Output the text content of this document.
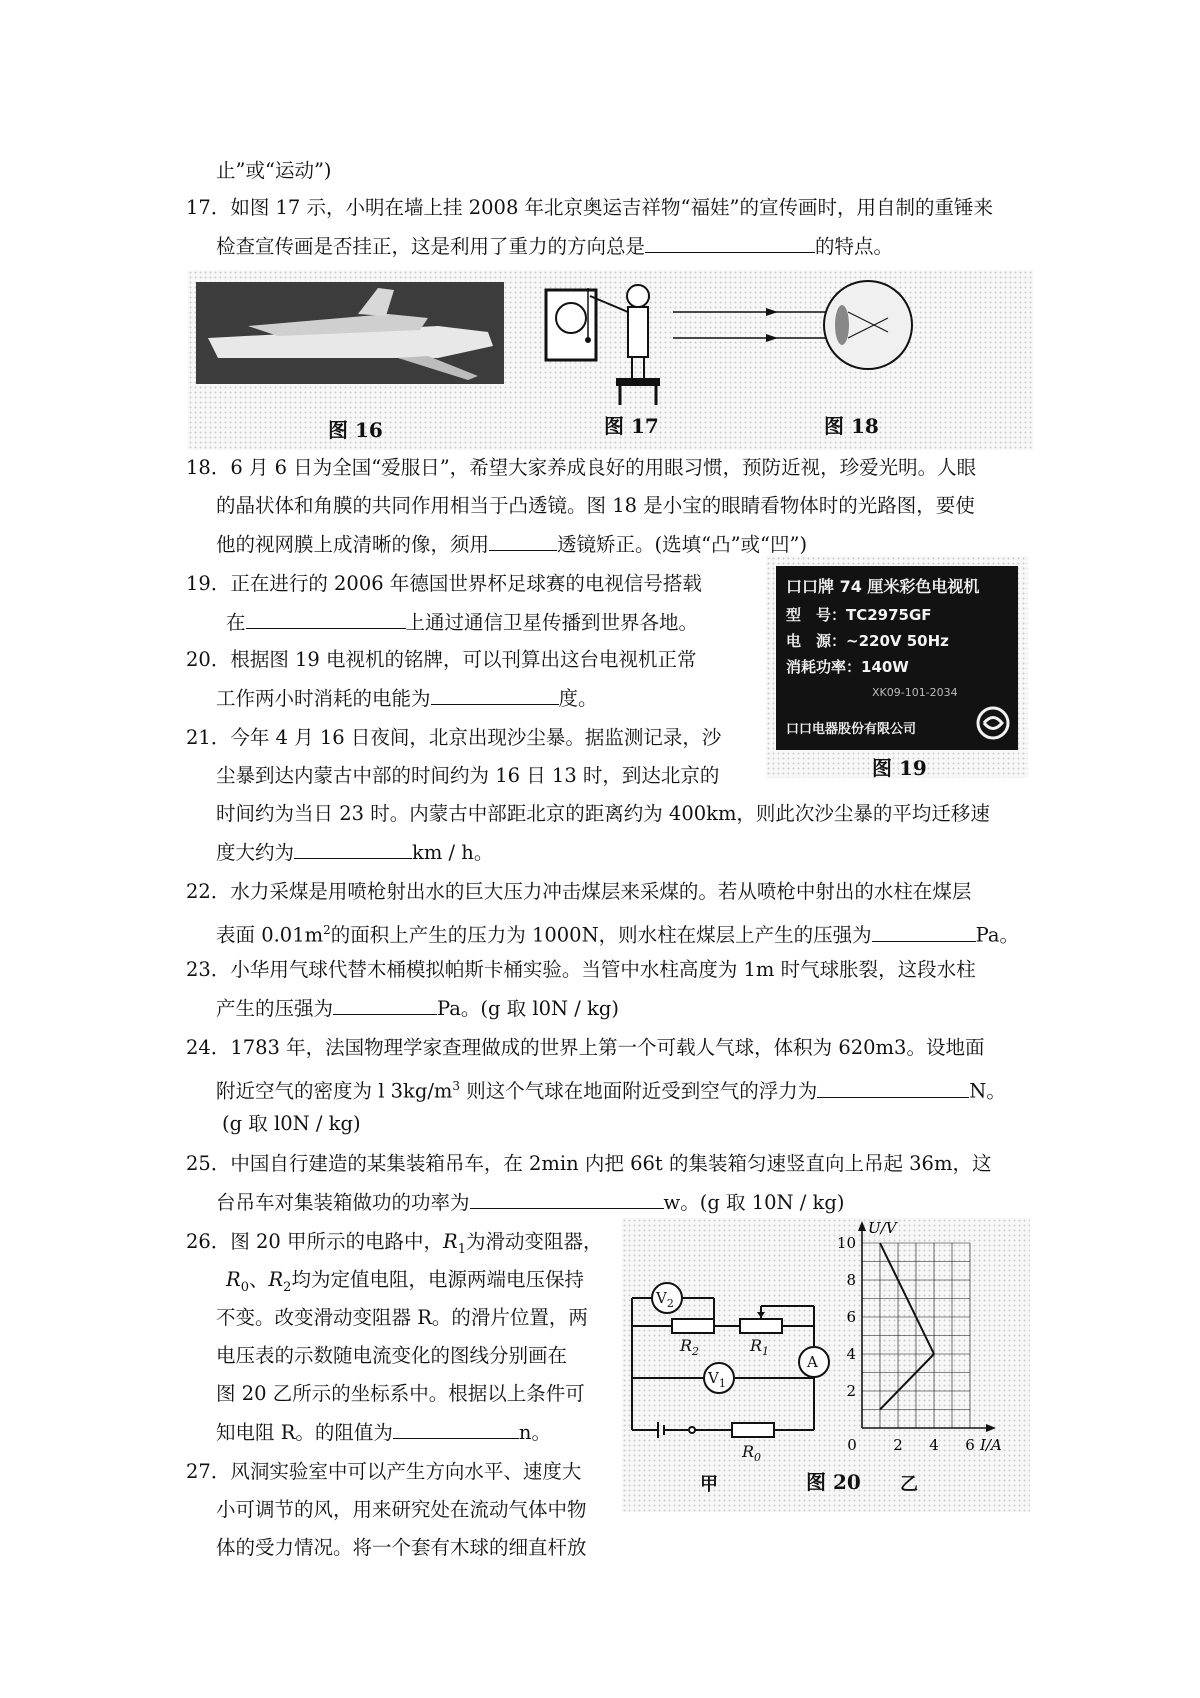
止”或“运动”)
17．如图 17 示，小明在墙上挂 2008 年北京奥运吉祥物“福娃”的宣传画时，用自制的重锤来
检查宣传画是否挂正，这是利用了重力的方向总是	的特点。
图 16	图 17	图 18
18．6 月 6 日为全国“爱服日”，希望大家养成良好的用眼习惯，预防近视，珍爱光明。人眼
的晶状体和角膜的共同作用相当于凸透镜。图 18 是小宝的眼睛看物体时的光路图，要使
他的视网膜上成清晰的像，须用	透镜矫正。(选填“凸”或“凹”)
19．正在进行的 2006 年德国世界杯足球赛的电视信号搭载
在	上通过通信卫星传播到世界各地。
20．根据图 19 电视机的铭牌，可以刊算出这台电视机正常
工作两小时消耗的电能为	度。
口口牌 74 厘米彩色电视机
型　号：TC2975GF
电　源：~220V 50Hz
消耗功率：140W
XK09-101-2034
口口电器股份有限公司
图 19
21．今年 4 月 16 日夜间，北京出现沙尘暴。据监测记录，沙
尘暴到达内蒙古中部的时间约为 16 日 13 时，到达北京的
时间约为当日 23 时。内蒙古中部距北京的距离约为 400km，则此次沙尘暴的平均迁移速
度大约为	km / h。
22．水力采煤是用喷枪射出水的巨大压力冲击煤层来采煤的。若从喷枪中射出的水柱在煤层
表面 $0.01m^2$的面积上产生的压力为 1000N，则水柱在煤层上产生的压强为	Pa。
23．小华用气球代替木桶模拟帕斯卡桶实验。当管中水柱高度为 1m 时气球胀裂，这段水柱
产生的压强为	Pa。(g 取 l0N / kg)
24．1783 年，法国物理学家查理做成的世界上第一个可载人气球，体积为 620m3。设地面
附近空气的密度为 l $3kg/m^3$ 则这个气球在地面附近受到空气的浮力为	N。
(g 取 l0N / kg)
25．中国自行建造的某集装箱吊车，在 2min 内把 66t 的集装箱匀速竖直向上吊起 36m，这
台吊车对集装箱做功的功率为	w。(g 取 10N / kg)
26．图 20 甲所示的电路中，$R_1$为滑动变阻器，
$R_0$、$R_2$均为定值电阻，电源两端电压保持
不变。改变滑动变阻器 R。的滑片位置，两
电压表的示数随电流变化的图线分别画在
图 20 乙所示的坐标系中。根据以上条件可
知电阻 R。的阻值为	n。
27．风洞实验室中可以产生方向水平、速度大
小可调节的风，用来研究处在流动气体中物
体的受力情况。将一个套有木球的细直杆放
$V_2$
$V_1$
A
$R_2$	$R_1$
$R_0$
甲
2
4
6
8
10
0 2 4 6 I/A
U/V
乙
图 20
